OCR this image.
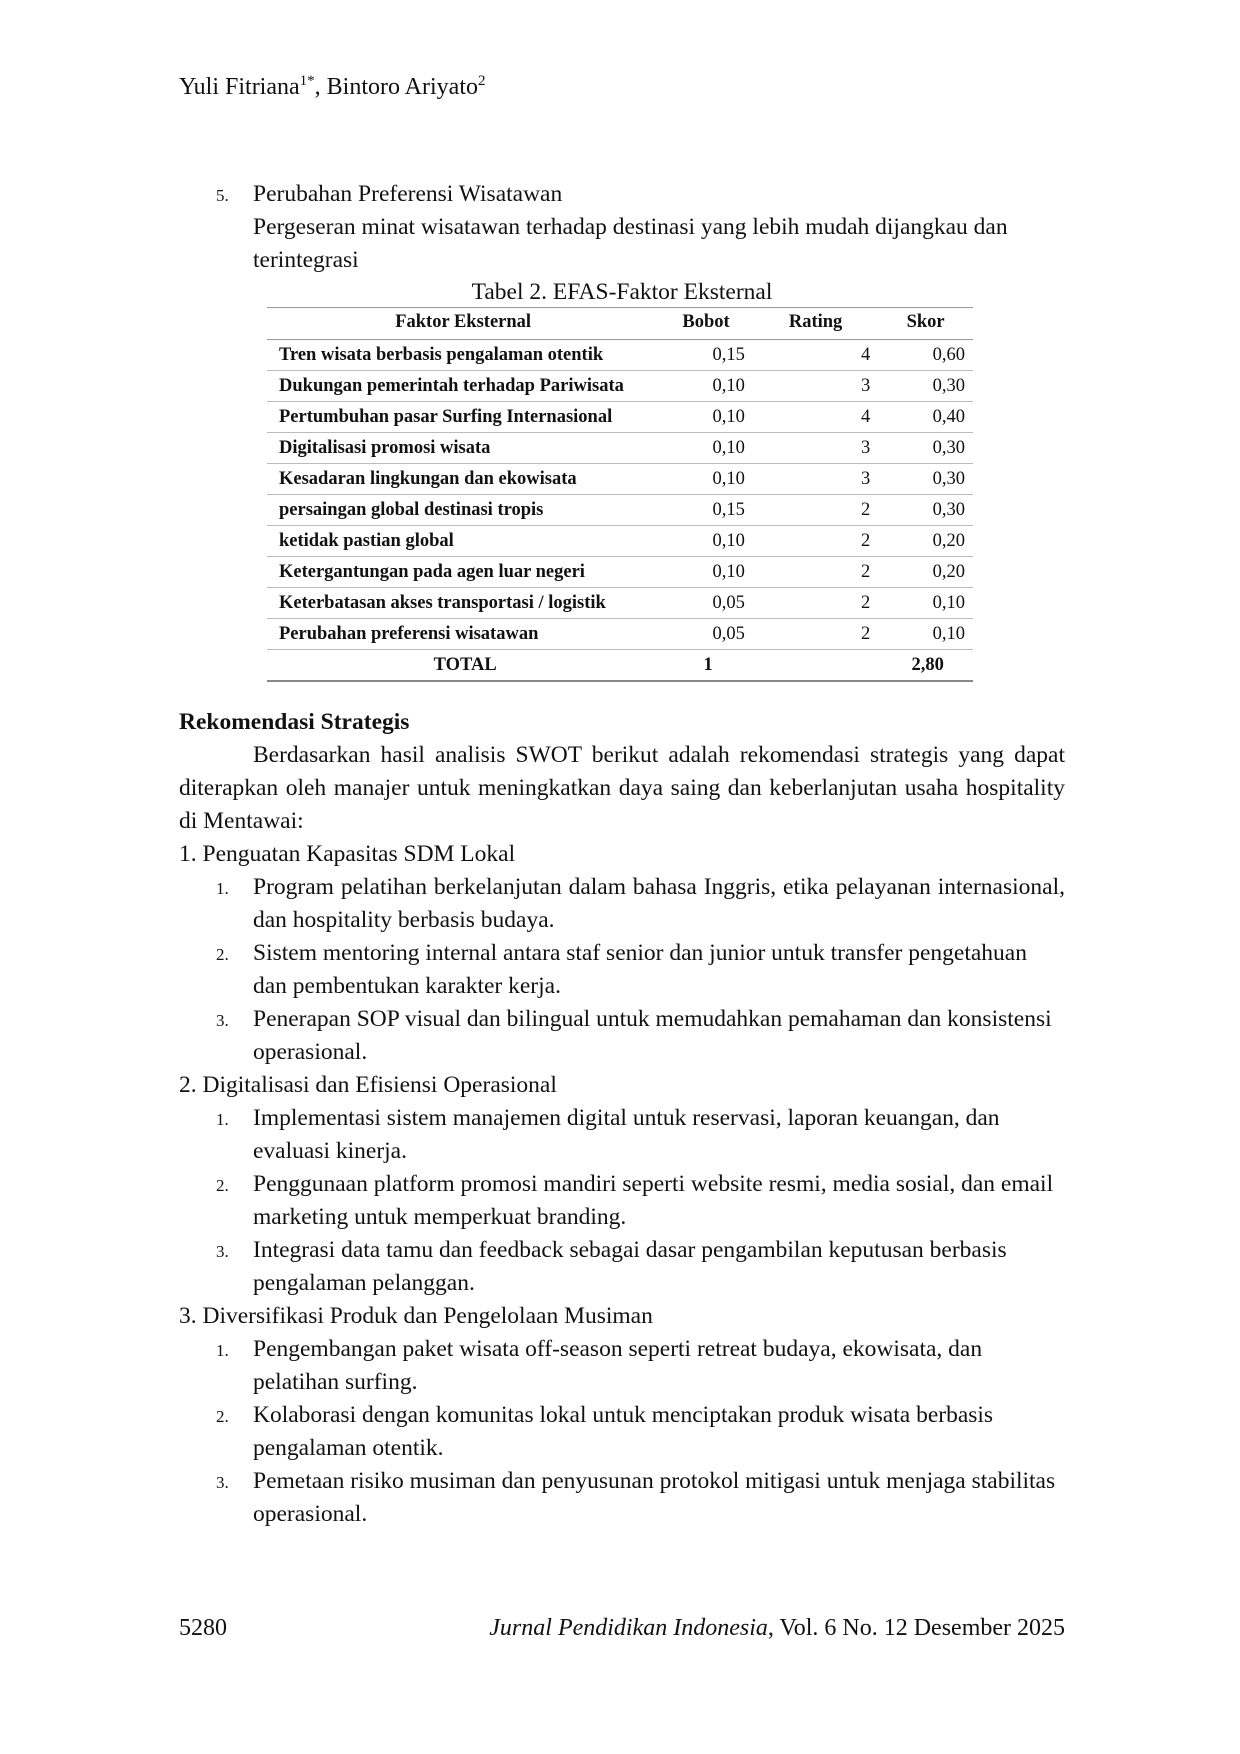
Yuli Fitriana$^{1*}$, Bintoro Ariyato$^2$
5. Perubahan Preferensi Wisatawan
Pergeseran minat wisatawan terhadap destinasi yang lebih mudah dijangkau dan terintegrasi
Tabel 2. EFAS-Faktor Eksternal
Faktor Eksternal	Bobot	Rating	Skor
Tren wisata berbasis pengalaman otentik	0,15	4	0,60
Dukungan pemerintah terhadap Pariwisata	0,10	3	0,30
Pertumbuhan pasar Surfing Internasional	0,10	4	0,40
Digitalisasi promosi wisata	0,10	3	0,30
Kesadaran lingkungan dan ekowisata	0,10	3	0,30
persaingan global destinasi tropis	0,15	2	0,30
ketidak pastian global	0,10	2	0,20
Ketergantungan pada agen luar negeri	0,10	2	0,20
Keterbatasan akses transportasi / logistik	0,05	2	0,10
Perubahan preferensi wisatawan	0,05	2	0,10
TOTAL	1		2,80
Rekomendasi Strategis
Berdasarkan hasil analisis SWOT berikut adalah rekomendasi strategis yang dapat diterapkan oleh manajer untuk meningkatkan daya saing dan keberlanjutan usaha hospitality di Mentawai:
1. Penguatan Kapasitas SDM Lokal
1. Program pelatihan berkelanjutan dalam bahasa Inggris, etika pelayanan internasional, dan hospitality berbasis budaya.
2. Sistem mentoring internal antara staf senior dan junior untuk transfer pengetahuan dan pembentukan karakter kerja.
3. Penerapan SOP visual dan bilingual untuk memudahkan pemahaman dan konsistensi operasional.
2. Digitalisasi dan Efisiensi Operasional
1. Implementasi sistem manajemen digital untuk reservasi, laporan keuangan, dan evaluasi kinerja.
2. Penggunaan platform promosi mandiri seperti website resmi, media sosial, dan email marketing untuk memperkuat branding.
3. Integrasi data tamu dan feedback sebagai dasar pengambilan keputusan berbasis pengalaman pelanggan.
3. Diversifikasi Produk dan Pengelolaan Musiman
1. Pengembangan paket wisata off-season seperti retreat budaya, ekowisata, dan pelatihan surfing.
2. Kolaborasi dengan komunitas lokal untuk menciptakan produk wisata berbasis pengalaman otentik.
3. Pemetaan risiko musiman dan penyusunan protokol mitigasi untuk menjaga stabilitas operasional.
5280	Jurnal Pendidikan Indonesia, Vol. 6 No. 12 Desember 2025
